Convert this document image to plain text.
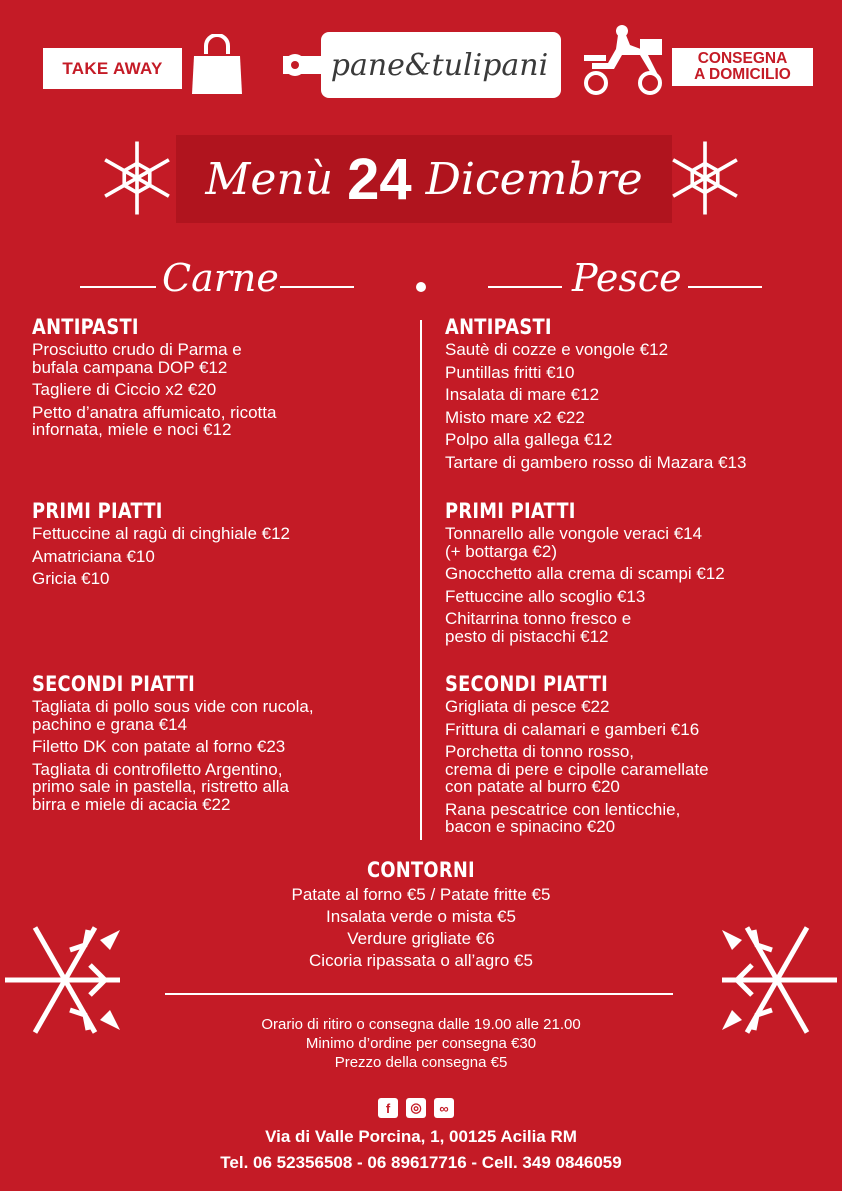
TAKE AWAY	pane&tulipani	CONSEGNA
A DOMICILIO
Menù 24 Dicembre
Carne	Pesce
ANTIPASTI
Prosciutto crudo di Parma e
bufala campana DOP €12
Tagliere di Ciccio x2 €20
Petto d’anatra affumicato, ricotta
infornata, miele e noci €12
PRIMI PIATTI
Fettuccine al ragù di cinghiale €12
Amatriciana €10
Gricia €10
SECONDI PIATTI
Tagliata di pollo sous vide con rucola,
pachino e grana €14
Filetto DK con patate al forno €23
Tagliata di controfiletto Argentino,
primo sale in pastella, ristretto alla
birra e miele di acacia €22
ANTIPASTI
Sautè di cozze e vongole €12
Puntillas fritti €10
Insalata di mare €12
Misto mare x2 €22
Polpo alla gallega €12
Tartare di gambero rosso di Mazara €13
PRIMI PIATTI
Tonnarello alle vongole veraci €14
(+ bottarga €2)
Gnocchetto alla crema di scampi €12
Fettuccine allo scoglio €13
Chitarrina tonno fresco e
pesto di pistacchi €12
SECONDI PIATTI
Grigliata di pesce €22
Frittura di calamari e gamberi €16
Porchetta di tonno rosso,
crema di pere e cipolle caramellate
con patate al burro €20
Rana pescatrice con lenticchie,
bacon e spinacino €20
CONTORNI
Patate al forno €5 / Patate fritte €5
Insalata verde o mista €5
Verdure grigliate €6
Cicoria ripassata o all’agro €5
Orario di ritiro o consegna dalle 19.00 alle 21.00
Minimo d’ordine per consegna €30
Prezzo della consegna €5
f	◎	∞
Via di Valle Porcina, 1, 00125 Acilia RM
Tel. 06 52356508 - 06 89617716 - Cell. 349 0846059
